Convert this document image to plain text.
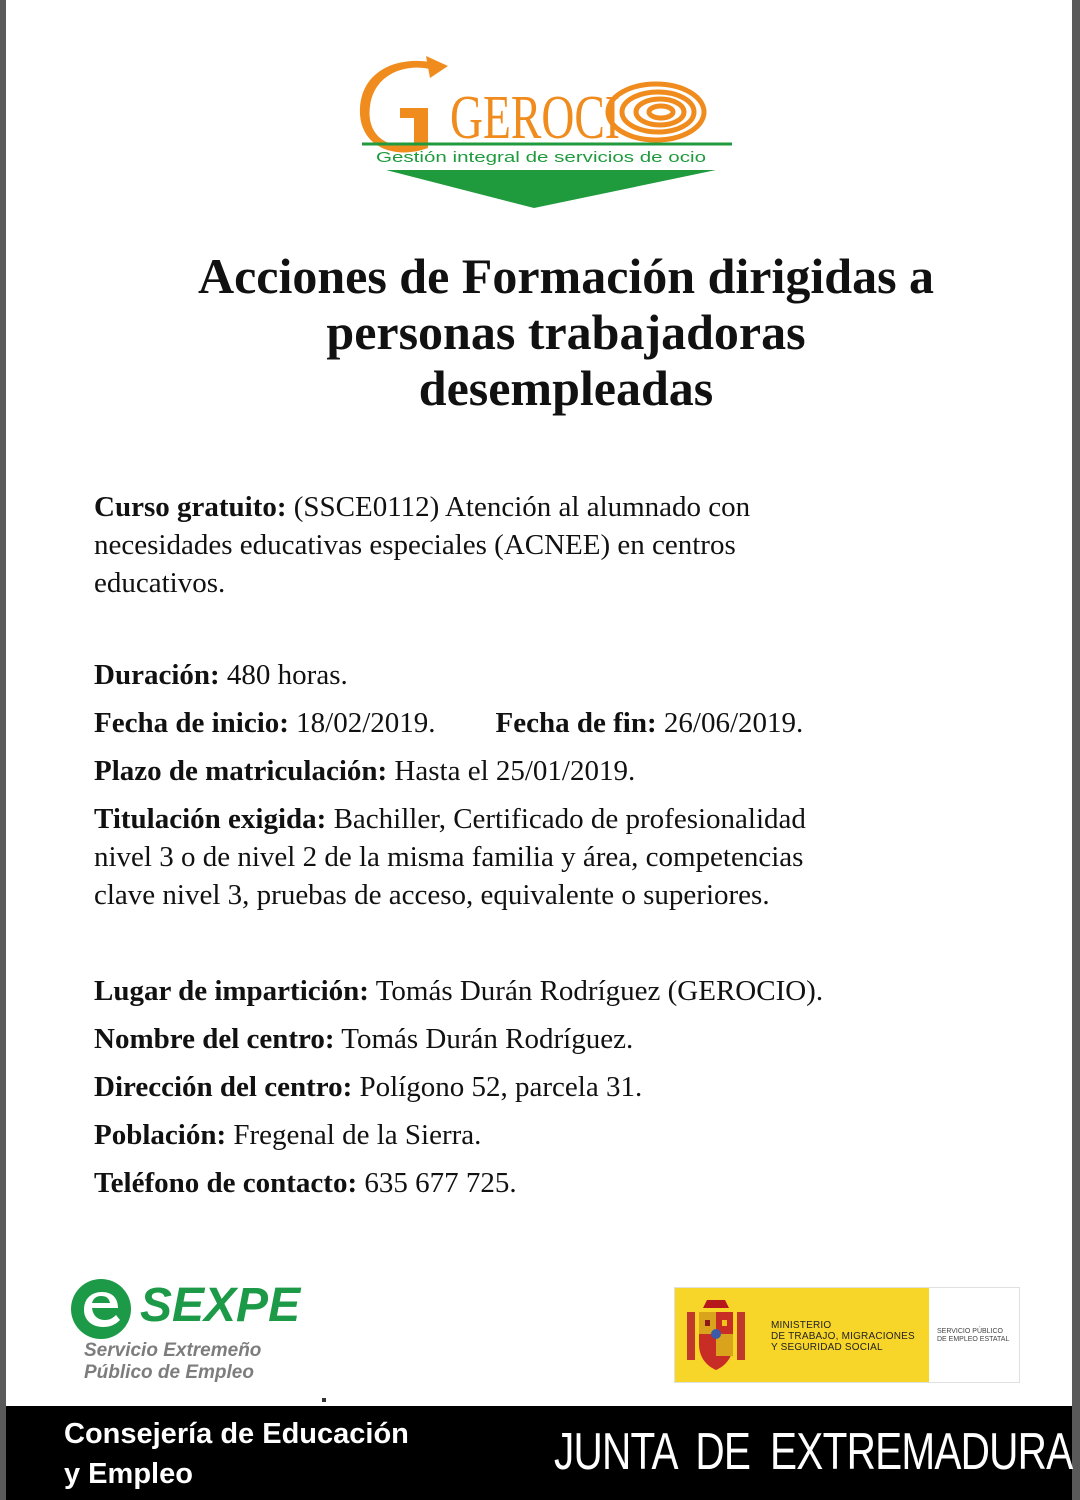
GEROCI
Gestión integral de servicios de ocio
Acciones de Formación dirigidas a
personas trabajadoras
desempleadas

Curso gratuito: (SSCE0112) Atención al alumnado con

necesidades educativas especiales (ACNEE) en centros

educativos.

Duración: 480 horas.

Fecha de inicio: 18/02/2019. Fecha de fin: 26/06/2019.

Plazo de matriculación: Hasta el 25/01/2019.

Titulación exigida: Bachiller, Certificado de profesionalidad

nivel 3 o de nivel 2 de la misma familia y área, competencias

clave nivel 3, pruebas de acceso, equivalente o superiores.

Lugar de impartición: Tomás Durán Rodríguez (GEROCIO).

Nombre del centro: Tomás Durán Rodríguez.

Dirección del centro: Polígono 52, parcela 31.

Población: Fregenal de la Sierra.

Teléfono de contacto: 635 677 725.

SEXPE
Servicio Extremeño
Público de Empleo
MINISTERIO
DE TRABAJO, MIGRACIONES
Y SEGURIDAD SOCIAL
SERVICIO PÚBLICO
DE EMPLEO ESTATAL
Consejería de Educación
y Empleo	JUNTA DE EXTREMADURA
